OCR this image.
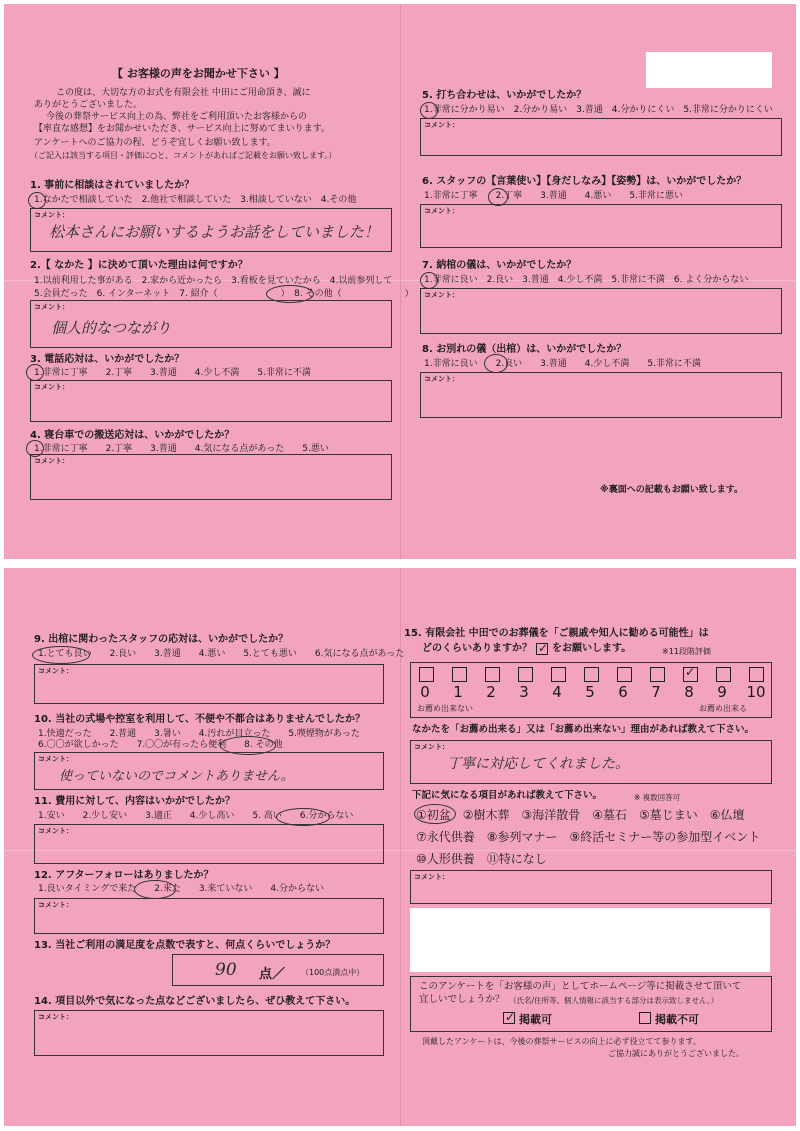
【 お客様の声をお聞かせ下さい 】
この度は、大切な方のお式を有限会社 中田にご用命頂き、誠に
ありがとうございました。
今後の葬祭サービス向上の為、弊社をご利用頂いたお客様からの
【率直な感想】をお聞かせいただき、サービス向上に努めてまいります。
アンケートへのご協力の程、どうぞ宜しくお願い致します。
（ご記入は該当する項目・評価に○と、コメントがあればご記載をお願い致します。）
1. 事前に相談はされていましたか？
1.なかたで相談していた　2.他社で相談していた　3.相談していない　4.その他
コメント：
松本さんにお願いするようお話をしていました！
2.【 なかた 】に決めて頂いた理由は何ですか？
1.以前利用した事がある　2.家から近かったら　3.看板を見ていたから　4.以前参列して
5.会員だった　6. インターネット　7. 紹介（　　　　　　　）　8. その他（　　　　　　　）
コメント：
個人的なつながり
3. 電話応対は、いかがでしたか？
1.非常に丁寧　　2.丁寧　　3.普通　　4.少し不満　　5.非常に不満
コメント：
4. 寝台車での搬送応対は、いかがでしたか？
1.非常に丁寧　　2.丁寧　　3.普通　　4.気になる点があった　　5.悪い
コメント：
5. 打ち合わせは、いかがでしたか？
1.非常に分かり易い　2.分かり易い　3.普通　4.分かりにくい　5.非常に分かりにくい
コメント：
6. スタッフの【言葉使い】【身だしなみ】【姿勢】は、いかがでしたか？
1.非常に丁寧　　2.丁寧　　3.普通　　4.悪い　　5.非常に悪い
コメント：
7. 納棺の儀は、いかがでしたか？
1.非常に良い　2.良い　3.普通　4.少し不満　5.非常に不満　6. よく分からない
コメント：
8. お別れの儀（出棺）は、いかがでしたか？
1.非常に良い　　2.良い　　3.普通　　4.少し不満　　5.非常に不満
コメント：
※裏面への記載もお願い致します。
9. 出棺に関わったスタッフの応対は、いかがでしたか？
1.とても良い　　2.良い　　3.普通　　4.悪い　　5.とても悪い　　6.気になる点があった
コメント：
10. 当社の式場や控室を利用して、不便や不都合はありませんでしたか？
1.快適だった　　2.普通　　3.暑い　　4.汚れが目立った　　5.喫煙物があった
6.〇〇が欲しかった　　7.〇〇が有ったら便利　　8. その他
コメント：
使っていないのでコメントありません。
11. 費用に対して、内容はいかがでしたか？
1.安い　　2.少し安い　　3.適正　　4.少し高い　　5. 高い　　6.分からない
コメント：
12. アフターフォローはありましたか？
1.良いタイミングで来た　　2.来た　　3.来ていない　　4.分からない
コメント：
13. 当社ご利用の満足度を点数で表すと、何点くらいでしょうか？
90 点／ （100点満点中）
14. 項目以外で気になった点などございましたら、ぜひ教えて下さい。
コメント：
15. 有限会社 中田でのお葬儀を「ご親戚や知人に勧める可能性」は
どのくらいありますか？
✓ をお願いします。	※11段階評価
✓
0 1 2 3 4 5 6 7 8 9 10
お薦め出来ない	お薦め出来る
なかたを「お薦め出来る」又は「お薦め出来ない」理由があれば教えて下さい。
コメント：
丁寧に対応してくれました。
下記に気になる項目があれば教えて下さい。	※ 複数回答可
①初盆　②樹木葬　③海洋散骨　④墓石　⑤墓じまい　⑥仏壇
⑦永代供養　⑧参列マナー　⑨終活セミナー等の参加型イベント
⑩人形供養　⑪特になし
コメント：
このアンケートを「お客様の声」としてホームページ等に掲載させて頂いて
宜しいでしょうか？ （氏名/住所等、個人情報に該当する部分は表示致しません。）
✓
掲載可	掲載不可
頂戴したアンケートは、今後の葬祭サービスの向上に必ず役立てて参ります。
ご協力誠にありがとうございました。
